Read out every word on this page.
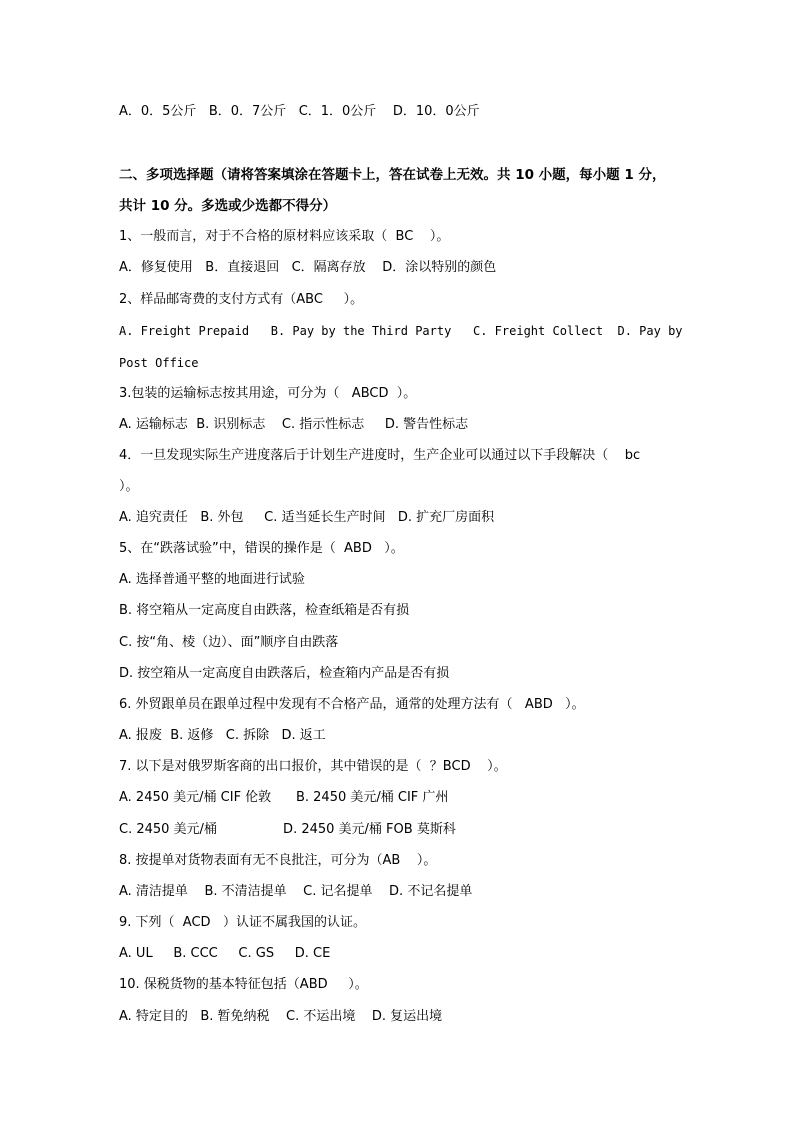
A．0．5公斤   B．0．7公斤   C．1．0公斤    D．10．0公斤
二、多项选择题（请将答案填涂在答题卡上，答在试卷上无效。共 10 小题，每小题 1 分，
共计 10 分。多选或少选都不得分）
1、一般而言，对于不合格的原材料应该采取（  BC    ）。
A．修复使用   B．直接退回   C．隔离存放    D．涂以特别的颜色
2、样品邮寄费的支付方式有（ABC     ）。
A. Freight Prepaid   B. Pay by the Third Party   C. Freight Collect  D. Pay by
Post Office
3.包装的运输标志按其用途，可分为（   ABCD  ）。
A. 运输标志  B. 识别标志    C. 指示性标志     D. 警告性标志
4．一旦发现实际生产进度落后于计划生产进度时，生产企业可以通过以下手段解决（    bc
）。
A. 追究责任   B. 外包     C. 适当延长生产时间   D. 扩充厂房面积
5、在“跌落试验”中，错误的操作是（  ABD   ）。
A. 选择普通平整的地面进行试验
B. 将空箱从一定高度自由跌落，检查纸箱是否有损
C. 按“角、棱（边）、面”顺序自由跌落
D. 按空箱从一定高度自由跌落后，检查箱内产品是否有损
6. 外贸跟单员在跟单过程中发现有不合格产品，通常的处理方法有（   ABD   ）。
A. 报废  B. 返修   C. 拆除   D. 返工
7. 以下是对俄罗斯客商的出口报价，其中错误的是（  ？BCD    ）。
A. 2450 美元/桶 CIF 伦敦      B. 2450 美元/桶 CIF 广州
C. 2450 美元/桶                D. 2450 美元/桶 FOB 莫斯科
8. 按提单对货物表面有无不良批注，可分为（AB    ）。
A. 清洁提单    B. 不清洁提单    C. 记名提单    D. 不记名提单
9. 下列（  ACD   ）认证不属我国的认证。
A. UL     B. CCC     C. GS     D. CE
10. 保税货物的基本特征包括（ABD     ）。
A. 特定目的   B. 暂免纳税    C. 不运出境    D. 复运出境
